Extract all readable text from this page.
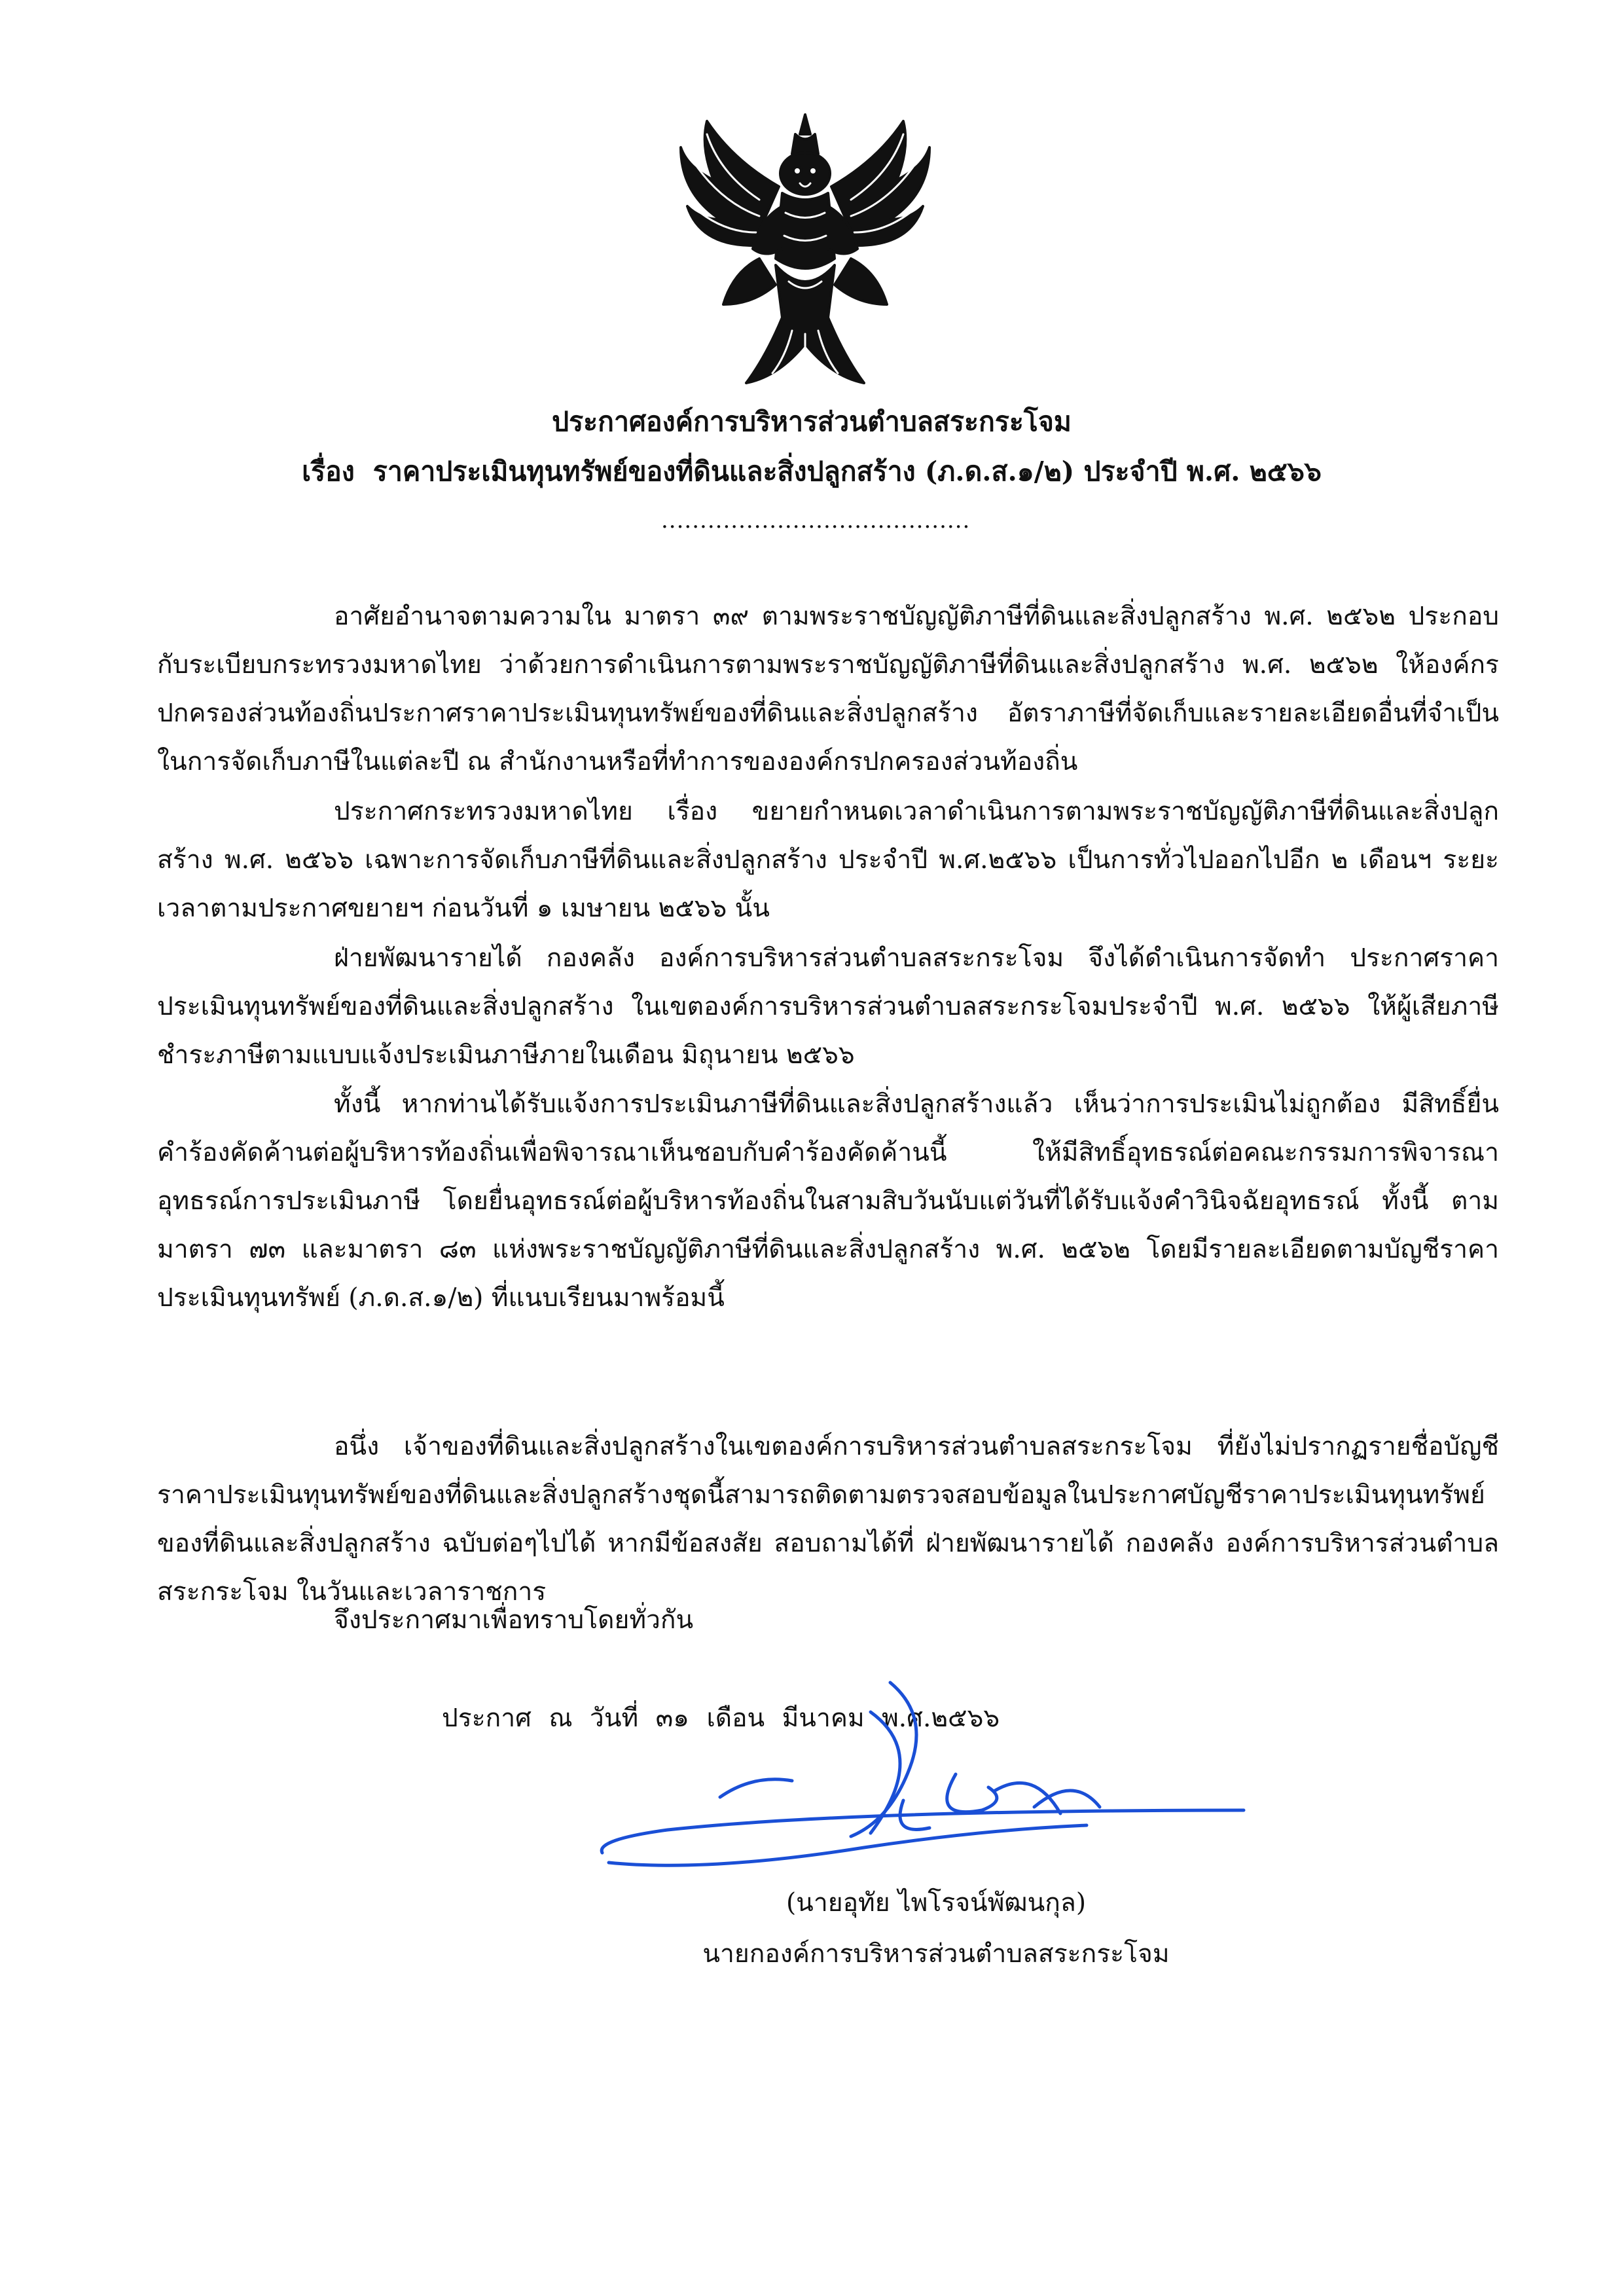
ประกาศองค์การบริหารส่วนตำบลสระกระโจม
เรื่อง ราคาประเมินทุนทรัพย์ของที่ดินและสิ่งปลูกสร้าง (ภ.ด.ส.๑/๒) ประจำปี พ.ศ. ๒๕๖๖
........................................

อาศัยอำนาจตามความใน มาตรา ๓๙ ตามพระราชบัญญัติภาษีที่ดินและสิ่งปลูกสร้าง พ.ศ. ๒๕๖๒ ประกอบกับระเบียบกระทรวงมหาดไทย ว่าด้วยการดำเนินการตามพระราชบัญญัติภาษีที่ดินและสิ่งปลูกสร้าง พ.ศ. ๒๕๖๒ ให้องค์กรปกครองส่วนท้องถิ่นประกาศราคาประเมินทุนทรัพย์ของที่ดินและสิ่งปลูกสร้าง อัตราภาษีที่จัดเก็บและรายละเอียดอื่นที่จำเป็นในการจัดเก็บภาษีในแต่ละปี ณ สำนักงานหรือที่ทำการขององค์กรปกครองส่วนท้องถิ่น

ประกาศกระทรวงมหาดไทย เรื่อง ขยายกำหนดเวลาดำเนินการตามพระราชบัญญัติภาษีที่ดินและสิ่งปลูกสร้าง พ.ศ. ๒๕๖๖ เฉพาะการจัดเก็บภาษีที่ดินและสิ่งปลูกสร้าง ประจำปี พ.ศ.๒๕๖๖ เป็นการทั่วไปออกไปอีก ๒ เดือนฯ ระยะเวลาตามประกาศขยายฯ ก่อนวันที่ ๑ เมษายน ๒๕๖๖ นั้น

ฝ่ายพัฒนารายได้ กองคลัง องค์การบริหารส่วนตำบลสระกระโจม จึงได้ดำเนินการจัดทำ ประกาศราคาประเมินทุนทรัพย์ของที่ดินและสิ่งปลูกสร้าง ในเขตองค์การบริหารส่วนตำบลสระกระโจมประจำปี พ.ศ. ๒๕๖๖ ให้ผู้เสียภาษีชำระภาษีตามแบบแจ้งประเมินภาษีภายในเดือน มิถุนายน ๒๕๖๖

ทั้งนี้ หากท่านได้รับแจ้งการประเมินภาษีที่ดินและสิ่งปลูกสร้างแล้ว เห็นว่าการประเมินไม่ถูกต้อง มีสิทธิ์ยื่นคำร้องคัดค้านต่อผู้บริหารท้องถิ่นเพื่อพิจารณาเห็นชอบกับคำร้องคัดค้านนี้ ให้มีสิทธิ์อุทธรณ์ต่อคณะกรรมการพิจารณาอุทธรณ์การประเมินภาษี โดยยื่นอุทธรณ์ต่อผู้บริหารท้องถิ่นในสามสิบวันนับแต่วันที่ได้รับแจ้งคำวินิจฉัยอุทธรณ์ ทั้งนี้ ตามมาตรา ๗๓ และมาตรา ๘๓ แห่งพระราชบัญญัติภาษีที่ดินและสิ่งปลูกสร้าง พ.ศ. ๒๕๖๒ โดยมีรายละเอียดตามบัญชีราคาประเมินทุนทรัพย์ (ภ.ด.ส.๑/๒) ที่แนบเรียนมาพร้อมนี้

อนึ่ง เจ้าของที่ดินและสิ่งปลูกสร้างในเขตองค์การบริหารส่วนตำบลสระกระโจม ที่ยังไม่ปรากฏรายชื่อบัญชีราคาประเมินทุนทรัพย์ของที่ดินและสิ่งปลูกสร้างชุดนี้สามารถติดตามตรวจสอบข้อมูลในประกาศบัญชีราคาประเมินทุนทรัพย์ของที่ดินและสิ่งปลูกสร้าง ฉบับต่อๆไปได้ หากมีข้อสงสัย สอบถามได้ที่ ฝ่ายพัฒนารายได้ กองคลัง องค์การบริหารส่วนตำบลสระกระโจม ในวันและเวลาราชการ

จึงประกาศมาเพื่อทราบโดยทั่วกัน
ประกาศ ณ วันที่ ๓๑ เดือน มีนาคม พ.ศ.๒๕๖๖
(นายอุทัย ไพโรจน์พัฒนกุล)
นายกองค์การบริหารส่วนตำบลสระกระโจม
